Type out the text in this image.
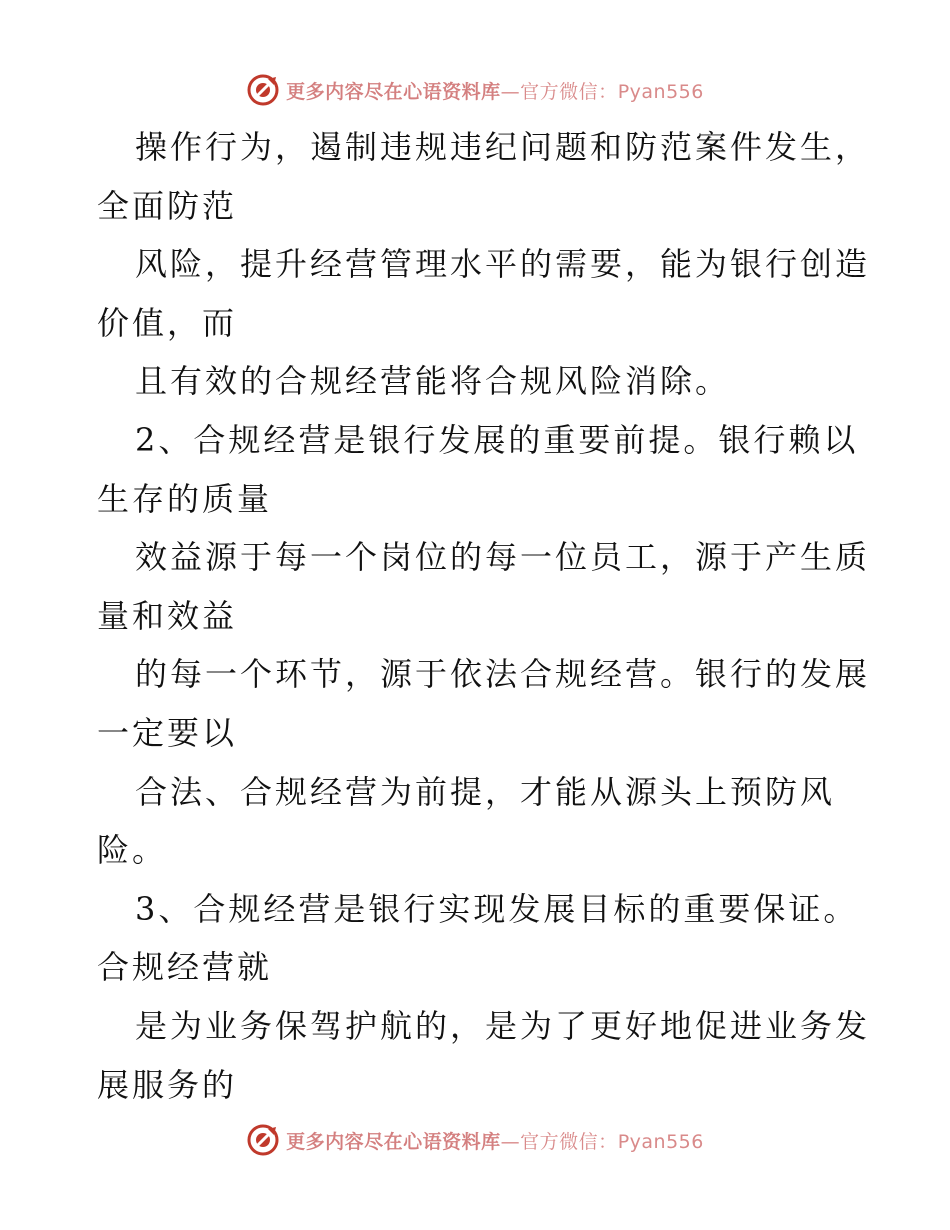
更多内容尽在心语资料库—官方微信：Pyan556
操作行为，遏制违规违纪问题和防范案件发生，
全面防范
风险，提升经营管理水平的需要，能为银行创造
价值，而
且有效的合规经营能将合规风险消除。
2、合规经营是银行发展的重要前提。银行赖以
生存的质量
效益源于每一个岗位的每一位员工，源于产生质
量和效益
的每一个环节，源于依法合规经营。银行的发展
一定要以
合法、合规经营为前提，才能从源头上预防风
险。
3、合规经营是银行实现发展目标的重要保证。
合规经营就
是为业务保驾护航的，是为了更好地促进业务发
展服务的
更多内容尽在心语资料库—官方微信：Pyan556
